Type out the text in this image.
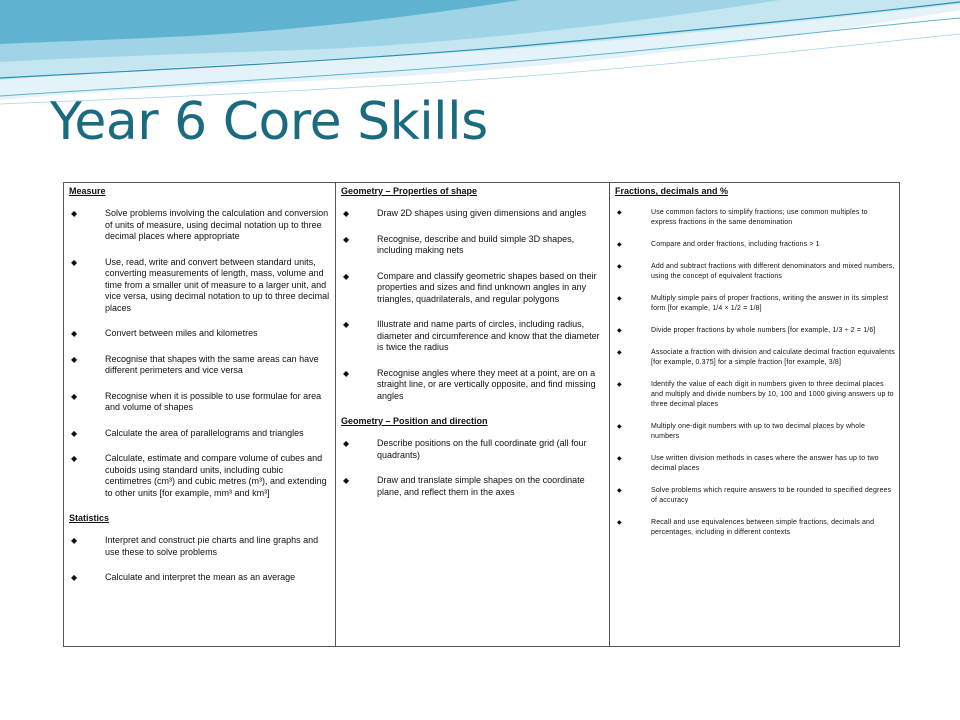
Year 6 Core Skills
Measure
◆	Solve problems involving the calculation and conversion of units of measure, using decimal notation up to three decimal places where appropriate
◆	Use, read, write and convert between standard units, converting measurements of length, mass, volume and time from a smaller unit of measure to a larger unit, and vice versa, using decimal notation to up to three decimal places
◆	Convert between miles and kilometres
◆	Recognise that shapes with the same areas can have different perimeters and vice versa
◆	Recognise when it is possible to use formulae for area and volume of shapes
◆	Calculate the area of parallelograms and triangles
◆	Calculate, estimate and compare volume of cubes and cuboids using standard units, including cubic centimetres (cm³) and cubic metres (m³), and extending to other units [for example, mm³ and km³]
Statistics
◆	Interpret and construct pie charts and line graphs and use these to solve problems
◆	Calculate and interpret the mean as an average

Geometry – Properties of shape
◆	Draw 2D shapes using given dimensions and angles
◆	Recognise, describe and build simple 3D shapes, including making nets
◆	Compare and classify geometric shapes based on their properties and sizes and find unknown angles in any triangles, quadrilaterals, and regular polygons
◆	Illustrate and name parts of circles, including radius, diameter and circumference and know that the diameter is twice the radius
◆	Recognise angles where they meet at a point, are on a straight line, or are vertically opposite, and find missing angles
Geometry – Position and direction
◆	Describe positions on the full coordinate grid (all four quadrants)
◆	Draw and translate simple shapes on the coordinate plane, and reflect them in the axes

Fractions, decimals and %
◆	Use common factors to simplify fractions; use common multiples to express fractions in the same denomination
◆	Compare and order fractions, including fractions > 1
◆	Add and subtract fractions with different denominators and mixed numbers, using the concept of equivalent fractions
◆	Multiply simple pairs of proper fractions, writing the answer in its simplest form [for example, 1/4 × 1/2 = 1/8]
◆	Divide proper fractions by whole numbers [for example, 1/3 ÷ 2 = 1/6]
◆	Associate a fraction with division and calculate decimal fraction equivalents [for example, 0.375] for a simple fraction [for example, 3/8]
◆	Identify the value of each digit in numbers given to three decimal places and multiply and divide numbers by 10, 100 and 1000 giving answers up to three decimal places
◆	Multiply one-digit numbers with up to two decimal places by whole numbers
◆	Use written division methods in cases where the answer has up to two decimal places
◆	Solve problems which require answers to be rounded to specified degrees of accuracy
◆	Recall and use equivalences between simple fractions, decimals and percentages, including in different contexts
